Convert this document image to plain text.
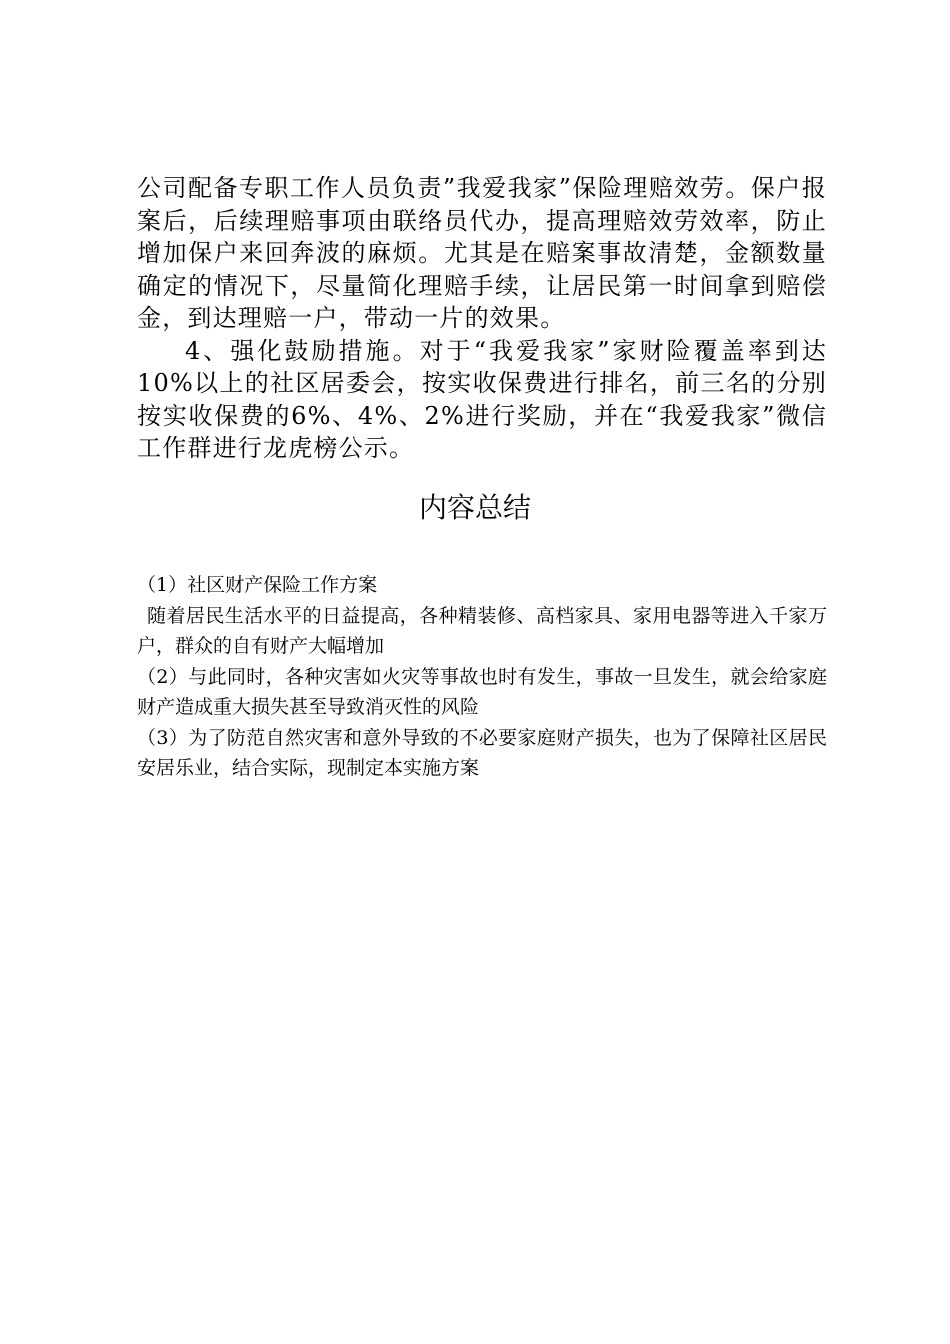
公司配备专职工作人员负责”我爱我家”保险理赔效劳。保户报案后，后续理赔事项由联络员代办，提高理赔效劳效率，防止增加保户来回奔波的麻烦。尤其是在赔案事故清楚，金额数量确定的情况下，尽量简化理赔手续，让居民第一时间拿到赔偿金，到达理赔一户，带动一片的效果。

4、强化鼓励措施。对于“我爱我家”家财险覆盖率到达10%以上的社区居委会，按实收保费进行排名，前三名的分别按实收保费的6%、4%、2%进行奖励，并在“我爱我家”微信工作群进行龙虎榜公示。

内容总结

（1）社区财产保险工作方案

随着居民生活水平的日益提高，各种精装修、高档家具、家用电器等进入千家万户，群众的自有财产大幅增加

（2）与此同时，各种灾害如火灾等事故也时有发生，事故一旦发生，就会给家庭财产造成重大损失甚至导致消灭性的风险

（3）为了防范自然灾害和意外导致的不必要家庭财产损失，也为了保障社区居民安居乐业，结合实际，现制定本实施方案
